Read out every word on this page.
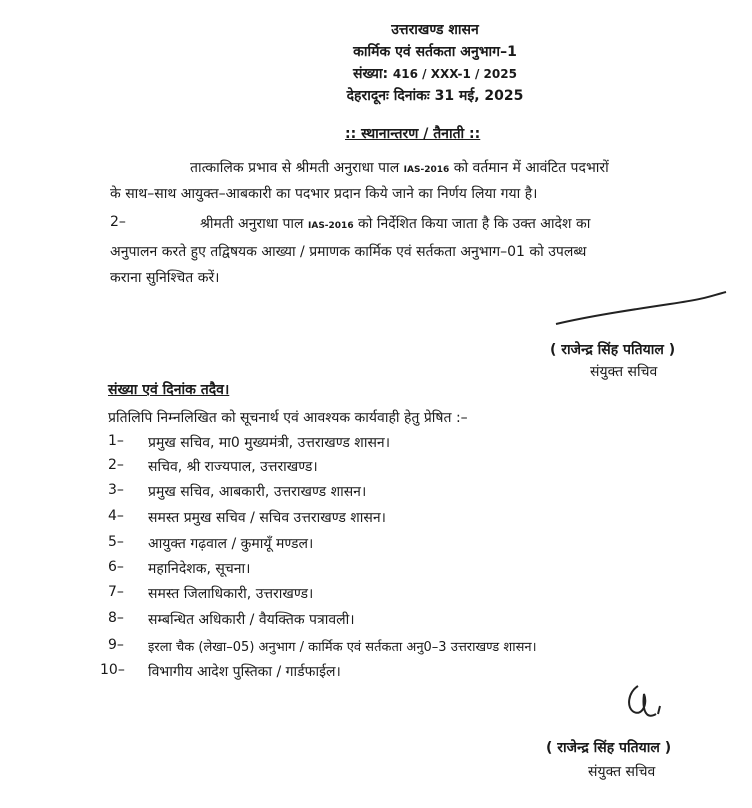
उत्तराखण्ड शासन
कार्मिक एवं सर्तकता अनुभाग–1
संख्या: 416 / XXX-1 / 2025
देहरादूनः दिनांकः 31 मई, 2025
:: स्थानान्तरण / तैनाती ::
तात्कालिक प्रभाव से श्रीमती अनुराधा पाल IAS-2016 को वर्तमान में आवंटित पदभारों
के साथ–साथ आयुक्त–आबकारी का पदभार प्रदान किये जाने का निर्णय लिया गया है।
2–	श्रीमती अनुराधा पाल IAS-2016 को निर्देशित किया जाता है कि उक्त आदेश का
अनुपालन करते हुए तद्विषयक आख्या / प्रमाणक कार्मिक एवं सर्तकता अनुभाग–01 को उपलब्ध
कराना सुनिश्चित करें।
( राजेन्द्र सिंह पतियाल )
संयुक्त सचिव
संख्या एवं दिनांक तदैव।
प्रतिलिपि निम्नलिखित को सूचनार्थ एवं आवश्यक कार्यवाही हेतु प्रेषित :–
1– प्रमुख सचिव, मा0 मुख्यमंत्री, उत्तराखण्ड शासन।
2– सचिव, श्री राज्यपाल, उत्तराखण्ड।
3– प्रमुख सचिव, आबकारी, उत्तराखण्ड शासन।
4– समस्त प्रमुख सचिव / सचिव उत्तराखण्ड शासन।
5– आयुक्त गढ़वाल / कुमायूँ मण्डल।
6– महानिदेशक, सूचना।
7– समस्त जिलाधिकारी, उत्तराखण्ड।
8– सम्बन्धित अधिकारी / वैयक्तिक पत्रावली।
9– इरला चैक (लेखा–05) अनुभाग / कार्मिक एवं सर्तकता अनु0–3 उत्तराखण्ड शासन।
10– विभागीय आदेश पुस्तिका / गार्डफाईल।
( राजेन्द्र सिंह पतियाल )
संयुक्त सचिव
